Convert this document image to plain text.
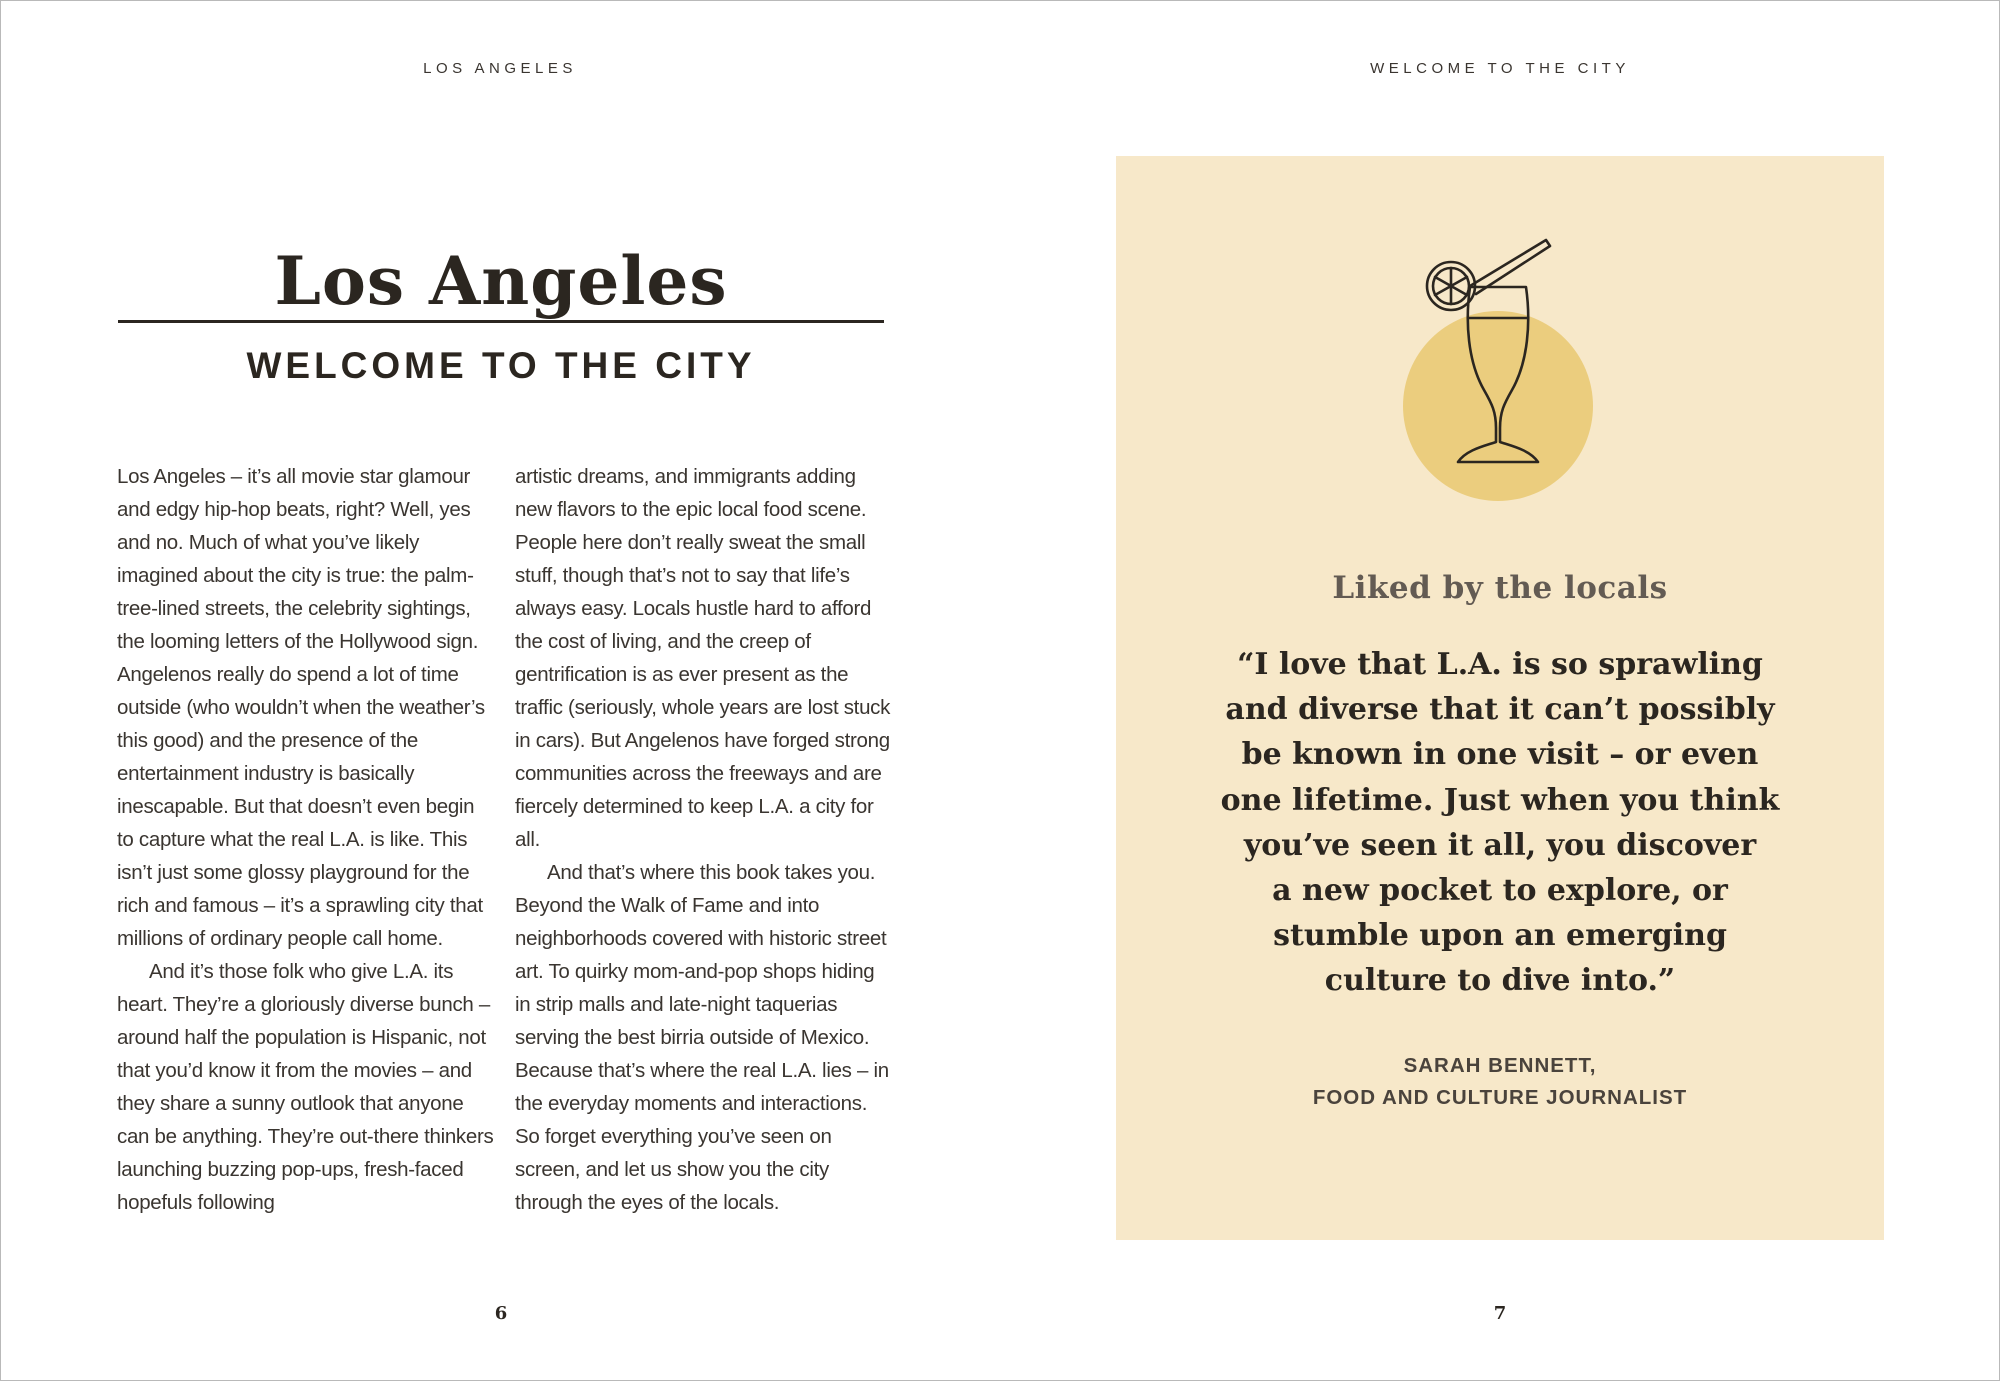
LOS ANGELES	WELCOME TO THE CITY
Los Angeles
WELCOME TO THE CITY

Los Angeles – it’s all movie star glamour and edgy hip-hop beats, right? Well, yes and no. Much of what you’ve likely imagined about the city is true: the palm-tree-lined streets, the celebrity sightings, the looming letters of the Hollywood sign. Angelenos really do spend a lot of time outside (who wouldn’t when the weather’s this good) and the presence of the entertainment industry is basically inescapable. But that doesn’t even begin to capture what the real L.A. is like. This isn’t just some glossy playground for the rich and famous – it’s a sprawling city that millions of ordinary people call home.

And it’s those folk who give L.A. its heart. They’re a gloriously diverse bunch – around half the population is Hispanic, not that you’d know it from the movies – and they share a sunny outlook that anyone can be anything. They’re out-there thinkers launching buzzing pop-ups, fresh-faced hopefuls following

artistic dreams, and immigrants adding new flavors to the epic local food scene. People here don’t really sweat the small stuff, though that’s not to say that life’s always easy. Locals hustle hard to afford the cost of living, and the creep of gentrification is as ever present as the traffic (seriously, whole years are lost stuck in cars). But Angelenos have forged strong communities across the freeways and are fiercely determined to keep L.A. a city for all.

And that’s where this book takes you. Beyond the Walk of Fame and into neighborhoods covered with historic street art. To quirky mom-and-pop shops hiding in strip malls and late-night taquerias serving the best birria outside of Mexico. Because that’s where the real L.A. lies – in the everyday moments and interactions. So forget everything you’ve seen on screen, and let us show you the city through the eyes of the locals.

6	7
Liked by the locals
“I love that L.A. is so sprawling
and diverse that it can’t possibly
be known in one visit – or even
one lifetime. Just when you think
you’ve seen it all, you discover
a new pocket to explore, or
stumble upon an emerging
culture to dive into.”
SARAH BENNETT,
FOOD AND CULTURE JOURNALIST
